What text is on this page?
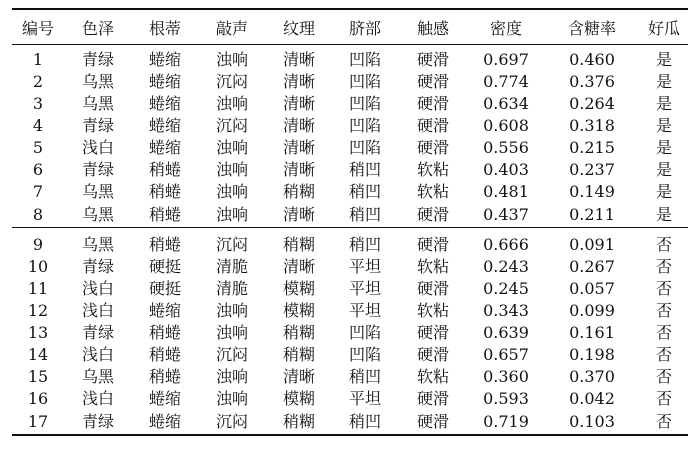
编号	色泽	根蒂	敲声	纹理	脐部	触感	密度	含糖率	好瓜
1	青绿	蜷缩	浊响	清晰	凹陷	硬滑	0.697	0.460	是
2	乌黑	蜷缩	沉闷	清晰	凹陷	硬滑	0.774	0.376	是
3	乌黑	蜷缩	浊响	清晰	凹陷	硬滑	0.634	0.264	是
4	青绿	蜷缩	沉闷	清晰	凹陷	硬滑	0.608	0.318	是
5	浅白	蜷缩	浊响	清晰	凹陷	硬滑	0.556	0.215	是
6	青绿	稍蜷	浊响	清晰	稍凹	软粘	0.403	0.237	是
7	乌黑	稍蜷	浊响	稍糊	稍凹	软粘	0.481	0.149	是
8	乌黑	稍蜷	浊响	清晰	稍凹	硬滑	0.437	0.211	是
9	乌黑	稍蜷	沉闷	稍糊	稍凹	硬滑	0.666	0.091	否
10	青绿	硬挺	清脆	清晰	平坦	软粘	0.243	0.267	否
11	浅白	硬挺	清脆	模糊	平坦	硬滑	0.245	0.057	否
12	浅白	蜷缩	浊响	模糊	平坦	软粘	0.343	0.099	否
13	青绿	稍蜷	浊响	稍糊	凹陷	硬滑	0.639	0.161	否
14	浅白	稍蜷	沉闷	稍糊	凹陷	硬滑	0.657	0.198	否
15	乌黑	稍蜷	浊响	清晰	稍凹	软粘	0.360	0.370	否
16	浅白	蜷缩	浊响	模糊	平坦	硬滑	0.593	0.042	否
17	青绿	蜷缩	沉闷	稍糊	稍凹	硬滑	0.719	0.103	否
